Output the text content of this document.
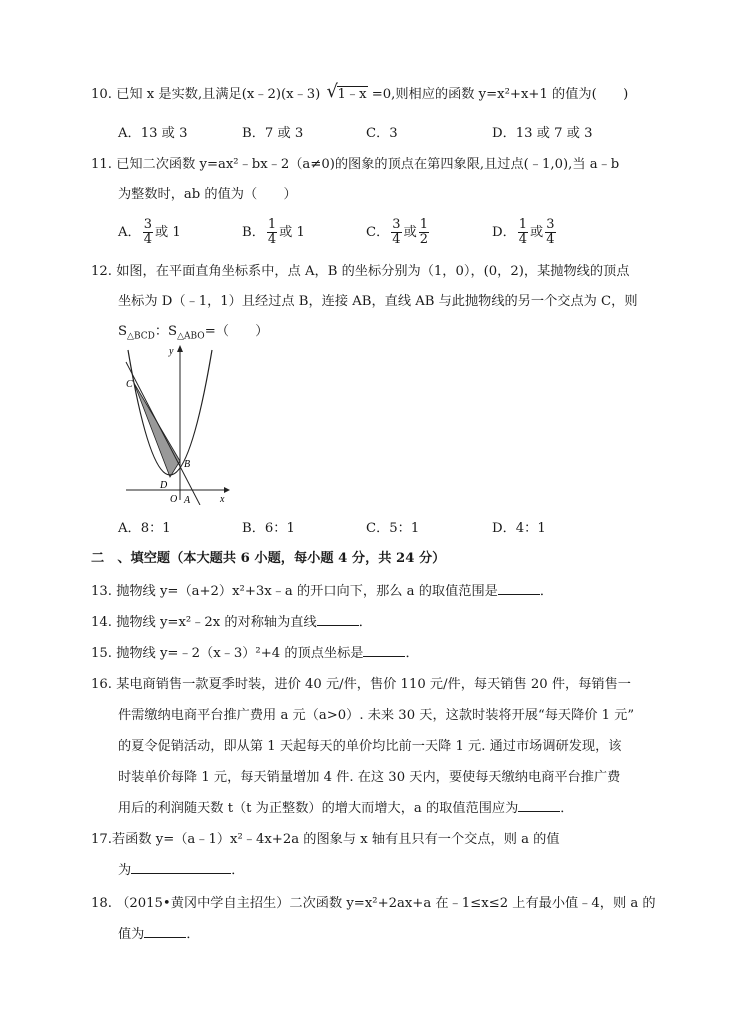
10. 已知 x 是实数,且满足(x﹣2)(x﹣3) √ 1﹣x =0,则相应的函数 y=x²+x+1 的值为(　　)
A．13 或 3	B．7 或 3	C．3	D．13 或 7 或 3
11. 已知二次函数 y=ax²﹣bx﹣2（a≠0)的图象的顶点在第四象限,且过点(﹣1,0),当 a﹣b
为整数时，ab 的值为（　　）
A． $\frac{3}{4}$ 或 1	B． $\frac{1}{4}$ 或 1	C． $\frac{3}{4}$ 或 $\frac{1}{2}$	D． $\frac{1}{4}$ 或 $\frac{3}{4}$
12. 如图，在平面直角坐标系中，点 A，B 的坐标分别为（1，0），(0，2)，某抛物线的顶点
坐标为 D（﹣1，1）且经过点 B，连接 AB，直线 AB 与此抛物线的另一个交点为 C，则
$S_{\triangle BCD}$：$S_{\triangle ABO}=$（　　）
y
x
C
B
D
O A
A．8：1	B．6：1	C．5：1	D．4：1
二　、填空题（本大题共 6 小题，每小题 4 分，共 24 分）
13. 抛物线 y=（a+2）x²+3x﹣a 的开口向下，那么 a 的取值范围是	．
14. 抛物线 y=x²﹣2x 的对称轴为直线	．
15. 抛物线 y=﹣2（x﹣3）²+4 的顶点坐标是	．
16. 某电商销售一款夏季时装，进价 40 元/件，售价 110 元/件，每天销售 20 件，每销售一
件需缴纳电商平台推广费用 a 元（a>0）. 未来 30 天，这款时装将开展“每天降价 1 元”
的夏令促销活动，即从第 1 天起每天的单价均比前一天降 1 元. 通过市场调研发现，该
时装单价每降 1 元，每天销量增加 4 件. 在这 30 天内，要使每天缴纳电商平台推广费
用后的利润随天数 t（t 为正整数）的增大而增大，a 的取值范围应为	．
17.若函数 y=（a﹣1）x²﹣4x+2a 的图象与 x 轴有且只有一个交点，则 a 的值
为	．
18. （2015•黄冈中学自主招生）二次函数 y=x²+2ax+a 在﹣1≤x≤2 上有最小值﹣4，则 a 的
值为	．
